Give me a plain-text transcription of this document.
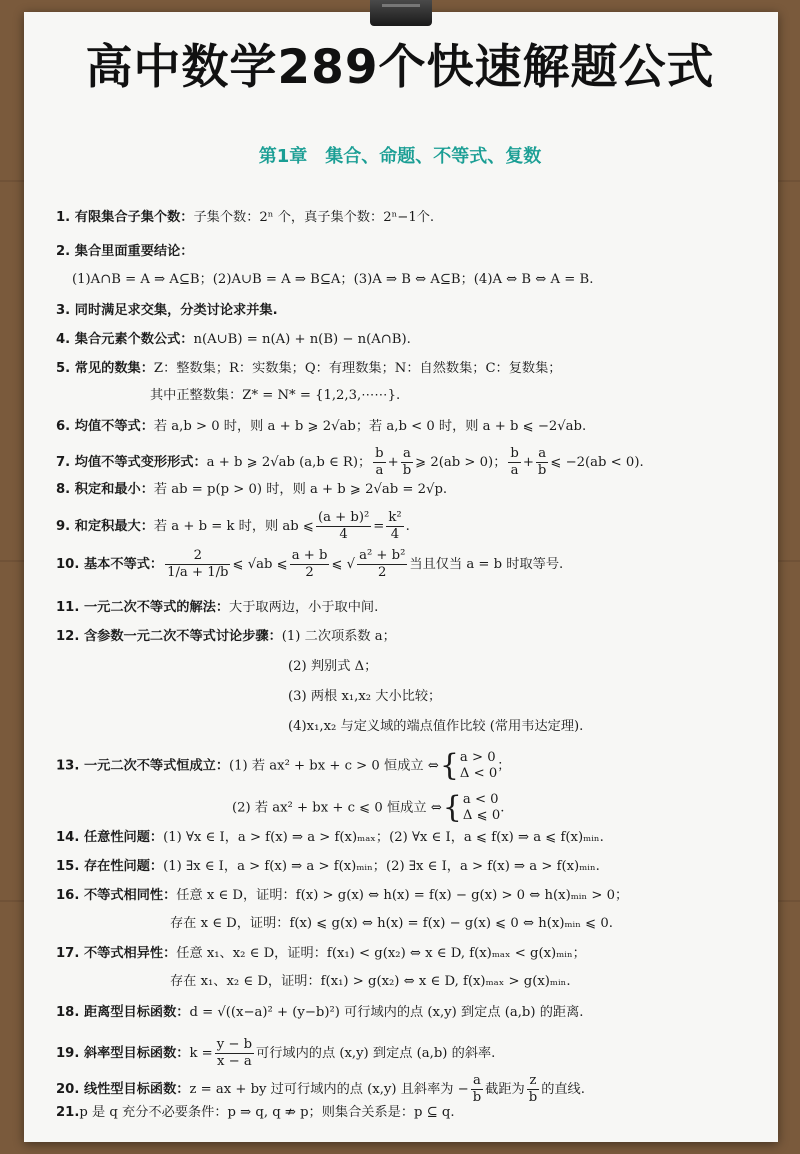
高中数学289个快速解题公式
第1章　集合、命题、不等式、复数
1. 有限集合子集个数：子集个数：2ⁿ 个，真子集个数：2ⁿ−1个.
2. 集合里面重要结论：
(1)A∩B = A ⇒ A⊆B；(2)A∪B = A ⇒ B⊆A；(3)A ⇒ B ⇔ A⊆B；(4)A ⇔ B ⇔ A = B.
3. 同时满足求交集，分类讨论求并集.
4. 集合元素个数公式：n(A∪B) = n(A) + n(B) − n(A∩B).
5. 常见的数集：Z：整数集；R：实数集；Q：有理数集；N：自然数集；C：复数集；
其中正整数集：Z* = N* = {1,2,3,⋯⋯}.
6. 均值不等式：若 a,b > 0 时，则 a + b ⩾ 2√ab；若 a,b < 0 时，则 a + b ⩽ −2√ab.
7. 均值不等式变形形式：a + b ⩾ 2√ab (a,b ∈ R)； $\frac{b}{a} + \frac{a}{b}$ ⩾ 2(ab > 0)； $\frac{b}{a} + \frac{a}{b}$ ⩽ −2(ab < 0).
8. 积定和最小：若 ab = p(p > 0) 时，则 a + b ⩾ 2√ab = 2√p.
9. 和定积最大：若 a + b = k 时，则 ab ⩽ $\frac{\text{(a + b)²}}{4} = \frac{\text{k²}}{4}$ .
10. 基本不等式： $\frac{2}{1/a + 1/b}$ ⩽ √ab ⩽ $\frac{a + b}{2}$ ⩽ √ $\frac{\text{a² + b²}}{2}$ 当且仅当 a = b 时取等号.
11. 一元二次不等式的解法：大于取两边，小于取中间.
12. 含参数一元二次不等式讨论步骤：(1) 二次项系数 a；
(2) 判别式 Δ；
(3) 两根 x₁,x₂ 大小比较；
(4)x₁,x₂ 与定义域的端点值作比较 (常用韦达定理).
13. 一元二次不等式恒成立：(1) 若 ax² + bx + c > 0 恒成立 ⇔{ a > 0
Δ < 0 ；
(2) 若 ax² + bx + c ⩽ 0 恒成立 ⇔{ a < 0
Δ ⩽ 0 .
14. 任意性问题：(1) ∀x ∈ I，a > f(x) ⇒ a > f(x)ₘₐₓ；(2) ∀x ∈ I，a ⩽ f(x) ⇒ a ⩽ f(x)ₘᵢₙ.
15. 存在性问题：(1) ∃x ∈ I，a > f(x) ⇒ a > f(x)ₘᵢₙ；(2) ∃x ∈ I，a > f(x) ⇒ a > f(x)ₘᵢₙ.
16. 不等式相同性：任意 x ∈ D，证明：f(x) > g(x) ⇔ h(x) = f(x) − g(x) > 0 ⇔ h(x)ₘᵢₙ > 0；
存在 x ∈ D，证明：f(x) ⩽ g(x) ⇔ h(x) = f(x) − g(x) ⩽ 0 ⇔ h(x)ₘᵢₙ ⩽ 0.
17. 不等式相异性：任意 x₁、x₂ ∈ D，证明：f(x₁) < g(x₂) ⇔ x ∈ D, f(x)ₘₐₓ < g(x)ₘᵢₙ；
存在 x₁、x₂ ∈ D，证明：f(x₁) > g(x₂) ⇔ x ∈ D, f(x)ₘₐₓ > g(x)ₘᵢₙ.
18. 距离型目标函数：d = √((x−a)² + (y−b)²) 可行域内的点 (x,y) 到定点 (a,b) 的距离.
19. 斜率型目标函数：$k = \frac{y - b}{x - a}$ 可行域内的点 (x,y) 到定点 (a,b) 的斜率.
20. 线性型目标函数：z = ax + by 过可行域内的点 (x,y) 且斜率为 − $\frac{a}{b}$ 截距为 $\frac{z}{b}$ 的直线.
21.p 是 q 充分不必要条件：p ⇒ q, q ⇏ p；则集合关系是：p ⊆ q.
